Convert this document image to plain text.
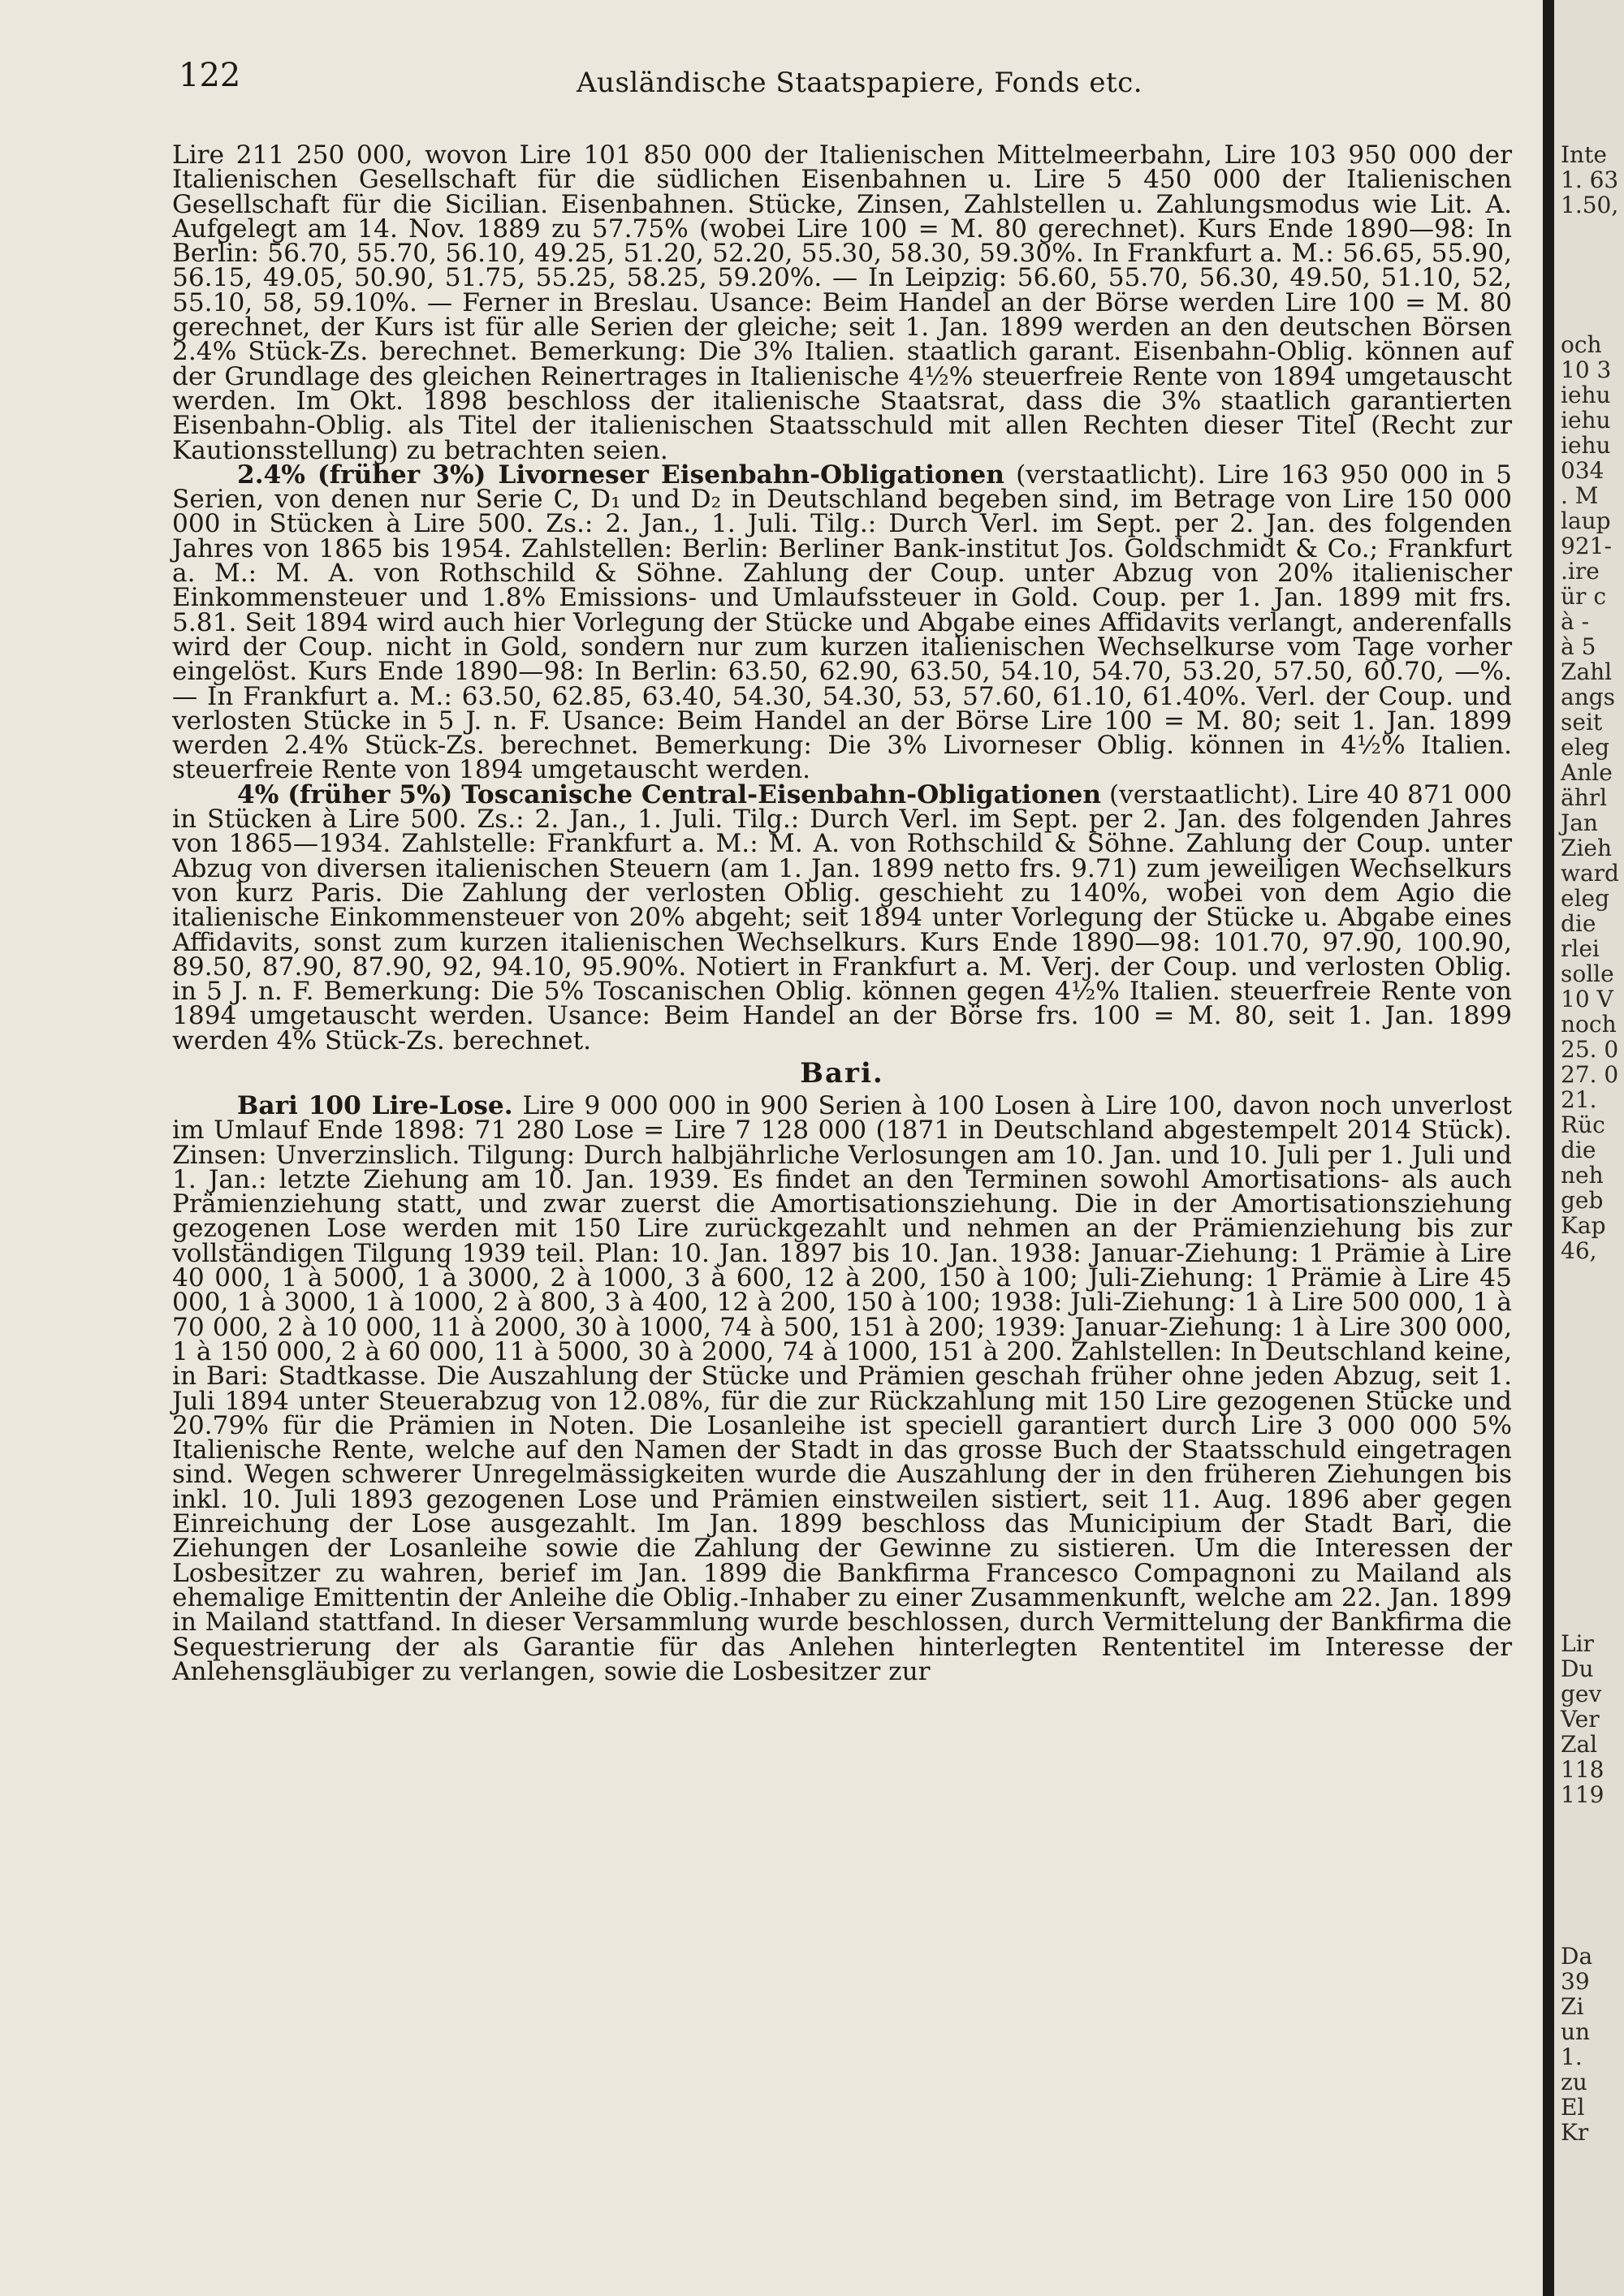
122	Ausländische Staatspapiere, Fonds etc.

Lire 211 250 000, wovon Lire 101 850 000 der Italienischen Mittelmeerbahn, Lire 103 950 000 der Italienischen Gesellschaft für die südlichen Eisenbahnen u. Lire 5 450 000 der Italienischen Gesellschaft für die Sicilian. Eisenbahnen. Stücke, Zinsen, Zahlstellen u. Zahlungsmodus wie Lit. A. Aufgelegt am 14. Nov. 1889 zu 57.75% (wobei Lire 100 = M. 80 gerechnet). Kurs Ende 1890—98: In Berlin: 56.70, 55.70, 56.10, 49.25, 51.20, 52.20, 55.30, 58.30, 59.30%. In Frankfurt a. M.: 56.65, 55.90, 56.15, 49.05, 50.90, 51.75, 55.25, 58.25, 59.20%. — In Leipzig: 56.60, 55.70, 56.30, 49.50, 51.10, 52, 55.10, 58, 59.10%. — Ferner in Breslau. Usance: Beim Handel an der Börse werden Lire 100 = M. 80 gerechnet, der Kurs ist für alle Serien der gleiche; seit 1. Jan. 1899 werden an den deutschen Börsen 2.4% Stück-Zs. berechnet. Bemerkung: Die 3% Italien. staatlich garant. Eisenbahn-Oblig. können auf der Grundlage des gleichen Reinertrages in Italienische 4½% steuerfreie Rente von 1894 umgetauscht werden. Im Okt. 1898 beschloss der italienische Staatsrat, dass die 3% staatlich garantierten Eisenbahn-Oblig. als Titel der italienischen Staatsschuld mit allen Rechten dieser Titel (Recht zur Kautionsstellung) zu betrachten seien.

2.4% (früher 3%) Livorneser Eisenbahn-Obligationen (verstaatlicht). Lire 163 950 000 in 5 Serien, von denen nur Serie C, D₁ und D₂ in Deutschland begeben sind, im Betrage von Lire 150 000 000 in Stücken à Lire 500. Zs.: 2. Jan., 1. Juli. Tilg.: Durch Verl. im Sept. per 2. Jan. des folgenden Jahres von 1865 bis 1954. Zahlstellen: Berlin: Berliner Bank-institut Jos. Goldschmidt & Co.; Frankfurt a. M.: M. A. von Rothschild & Söhne. Zahlung der Coup. unter Abzug von 20% italienischer Einkommensteuer und 1.8% Emissions- und Umlaufssteuer in Gold. Coup. per 1. Jan. 1899 mit frs. 5.81. Seit 1894 wird auch hier Vorlegung der Stücke und Abgabe eines Affidavits verlangt, anderenfalls wird der Coup. nicht in Gold, sondern nur zum kurzen italienischen Wechselkurse vom Tage vorher eingelöst. Kurs Ende 1890—98: In Berlin: 63.50, 62.90, 63.50, 54.10, 54.70, 53.20, 57.50, 60.70, —%. — In Frankfurt a. M.: 63.50, 62.85, 63.40, 54.30, 54.30, 53, 57.60, 61.10, 61.40%. Verl. der Coup. und verlosten Stücke in 5 J. n. F. Usance: Beim Handel an der Börse Lire 100 = M. 80; seit 1. Jan. 1899 werden 2.4% Stück-Zs. berechnet. Bemerkung: Die 3% Livorneser Oblig. können in 4½% Italien. steuerfreie Rente von 1894 umgetauscht werden.

4% (früher 5%) Toscanische Central-Eisenbahn-Obligationen (verstaatlicht). Lire 40 871 000 in Stücken à Lire 500. Zs.: 2. Jan., 1. Juli. Tilg.: Durch Verl. im Sept. per 2. Jan. des folgenden Jahres von 1865—1934. Zahlstelle: Frankfurt a. M.: M. A. von Rothschild & Söhne. Zahlung der Coup. unter Abzug von diversen italienischen Steuern (am 1. Jan. 1899 netto frs. 9.71) zum jeweiligen Wechselkurs von kurz Paris. Die Zahlung der verlosten Oblig. geschieht zu 140%, wobei von dem Agio die italienische Einkommensteuer von 20% abgeht; seit 1894 unter Vorlegung der Stücke u. Abgabe eines Affidavits, sonst zum kurzen italienischen Wechselkurs. Kurs Ende 1890—98: 101.70, 97.90, 100.90, 89.50, 87.90, 87.90, 92, 94.10, 95.90%. Notiert in Frankfurt a. M. Verj. der Coup. und verlosten Oblig. in 5 J. n. F. Bemerkung: Die 5% Toscanischen Oblig. können gegen 4½% Italien. steuerfreie Rente von 1894 umgetauscht werden. Usance: Beim Handel an der Börse frs. 100 = M. 80, seit 1. Jan. 1899 werden 4% Stück-Zs. berechnet.

Bari.

Bari 100 Lire-Lose. Lire 9 000 000 in 900 Serien à 100 Losen à Lire 100, davon noch unverlost im Umlauf Ende 1898: 71 280 Lose = Lire 7 128 000 (1871 in Deutschland abgestempelt 2014 Stück). Zinsen: Unverzinslich. Tilgung: Durch halbjährliche Verlosungen am 10. Jan. und 10. Juli per 1. Juli und 1. Jan.: letzte Ziehung am 10. Jan. 1939. Es findet an den Terminen sowohl Amortisations- als auch Prämienziehung statt, und zwar zuerst die Amortisationsziehung. Die in der Amortisationsziehung gezogenen Lose werden mit 150 Lire zurückgezahlt und nehmen an der Prämienziehung bis zur vollständigen Tilgung 1939 teil. Plan: 10. Jan. 1897 bis 10. Jan. 1938: Januar-Ziehung: 1 Prämie à Lire 40 000, 1 à 5000, 1 à 3000, 2 à 1000, 3 à 600, 12 à 200, 150 à 100; Juli-Ziehung: 1 Prämie à Lire 45 000, 1 à 3000, 1 à 1000, 2 à 800, 3 à 400, 12 à 200, 150 à 100; 1938: Juli-Ziehung: 1 à Lire 500 000, 1 à 70 000, 2 à 10 000, 11 à 2000, 30 à 1000, 74 à 500, 151 à 200; 1939: Januar-Ziehung: 1 à Lire 300 000, 1 à 150 000, 2 à 60 000, 11 à 5000, 30 à 2000, 74 à 1000, 151 à 200. Zahlstellen: In Deutschland keine, in Bari: Stadtkasse. Die Auszahlung der Stücke und Prämien geschah früher ohne jeden Abzug, seit 1. Juli 1894 unter Steuerabzug von 12.08%, für die zur Rückzahlung mit 150 Lire gezogenen Stücke und 20.79% für die Prämien in Noten. Die Losanleihe ist speciell garantiert durch Lire 3 000 000 5% Italienische Rente, welche auf den Namen der Stadt in das grosse Buch der Staatsschuld eingetragen sind. Wegen schwerer Unregelmässigkeiten wurde die Auszahlung der in den früheren Ziehungen bis inkl. 10. Juli 1893 gezogenen Lose und Prämien einstweilen sistiert, seit 11. Aug. 1896 aber gegen Einreichung der Lose ausgezahlt. Im Jan. 1899 beschloss das Municipium der Stadt Bari, die Ziehungen der Losanleihe sowie die Zahlung der Gewinne zu sistieren. Um die Interessen der Losbesitzer zu wahren, berief im Jan. 1899 die Bankfirma Francesco Compagnoni zu Mailand als ehemalige Emittentin der Anleihe die Oblig.-Inhaber zu einer Zusammenkunft, welche am 22. Jan. 1899 in Mailand stattfand. In dieser Versammlung wurde beschlossen, durch Vermittelung der Bankfirma die Sequestrierung der als Garantie für das Anlehen hinterlegten Rententitel im Interesse der Anlehensgläubiger zu verlangen, sowie die Losbesitzer zur

Inte
1. 63
1.50,
och
10 3
iehu
iehu
iehu
034
. M
laup
921-
.ire
ür c
à -
à 5
Zahl
angs
seit
eleg
Anle
ährl
Jan
Zieh
ward
eleg
die
rlei
solle
10 V
noch
25. 0
27. 0
21.
Rüc
die
neh
geb
Kap
46,
Lir
Du
gev
Ver
Zal
118
119
Da
39
Zi
un
1.
zu
El
Kr
